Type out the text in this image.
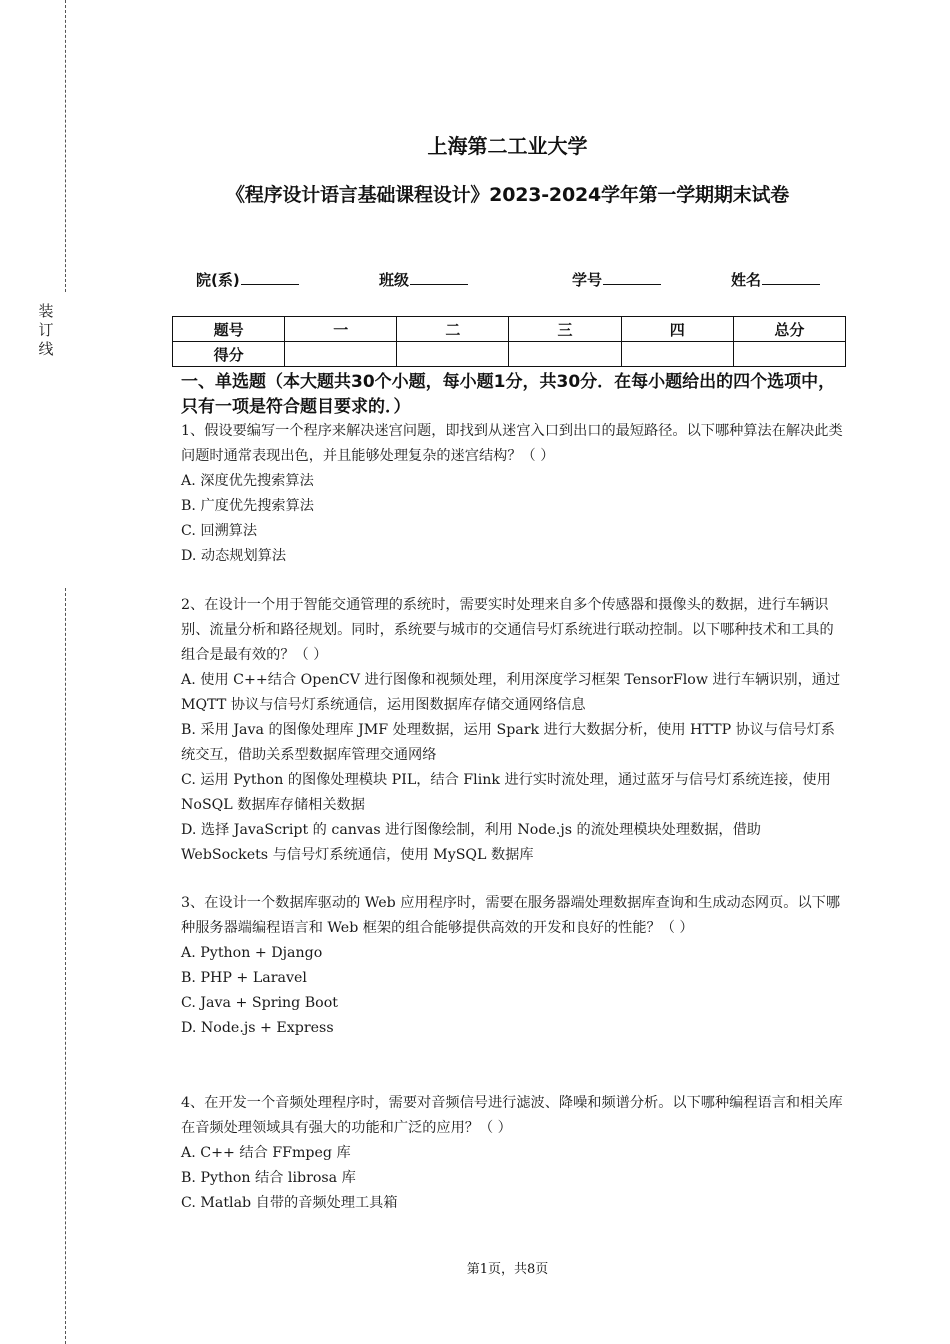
装
订
线
上海第二工业大学
《程序设计语言基础课程设计》2023-2024学年第一学期期末试卷
院(系)	班级	学号	姓名
题号	一	二	三	四	总分
得分					
一、单选题（本大题共30个小题，每小题1分，共30分．在每小题给出的四个选项中，只有一项是符合题目要求的．）

1、假设要编写一个程序来解决迷宫问题，即找到从迷宫入口到出口的最短路径。以下哪种算法在解决此类问题时通常表现出色，并且能够处理复杂的迷宫结构？（ ）

A. 深度优先搜索算法

B. 广度优先搜索算法

C. 回溯算法

D. 动态规划算法

2、在设计一个用于智能交通管理的系统时，需要实时处理来自多个传感器和摄像头的数据，进行车辆识别、流量分析和路径规划。同时，系统要与城市的交通信号灯系统进行联动控制。以下哪种技术和工具的组合是最有效的？（ ）

A. 使用 C++结合 OpenCV 进行图像和视频处理，利用深度学习框架 TensorFlow 进行车辆识别，通过 MQTT 协议与信号灯系统通信，运用图数据库存储交通网络信息

B. 采用 Java 的图像处理库 JMF 处理数据，运用 Spark 进行大数据分析，使用 HTTP 协议与信号灯系统交互，借助关系型数据库管理交通网络

C. 运用 Python 的图像处理模块 PIL，结合 Flink 进行实时流处理，通过蓝牙与信号灯系统连接，使用 NoSQL 数据库存储相关数据

D. 选择 JavaScript 的 canvas 进行图像绘制，利用 Node.js 的流处理模块处理数据，借助 WebSockets 与信号灯系统通信，使用 MySQL 数据库

3、在设计一个数据库驱动的 Web 应用程序时，需要在服务器端处理数据库查询和生成动态网页。以下哪种服务器端编程语言和 Web 框架的组合能够提供高效的开发和良好的性能？（ ）

A. Python + Django

B. PHP + Laravel

C. Java + Spring Boot

D. Node.js + Express

4、在开发一个音频处理程序时，需要对音频信号进行滤波、降噪和频谱分析。以下哪种编程语言和相关库在音频处理领域具有强大的功能和广泛的应用？（ ）

A. C++ 结合 FFmpeg 库

B. Python 结合 librosa 库

C. Matlab 自带的音频处理工具箱

第1页，共8页
